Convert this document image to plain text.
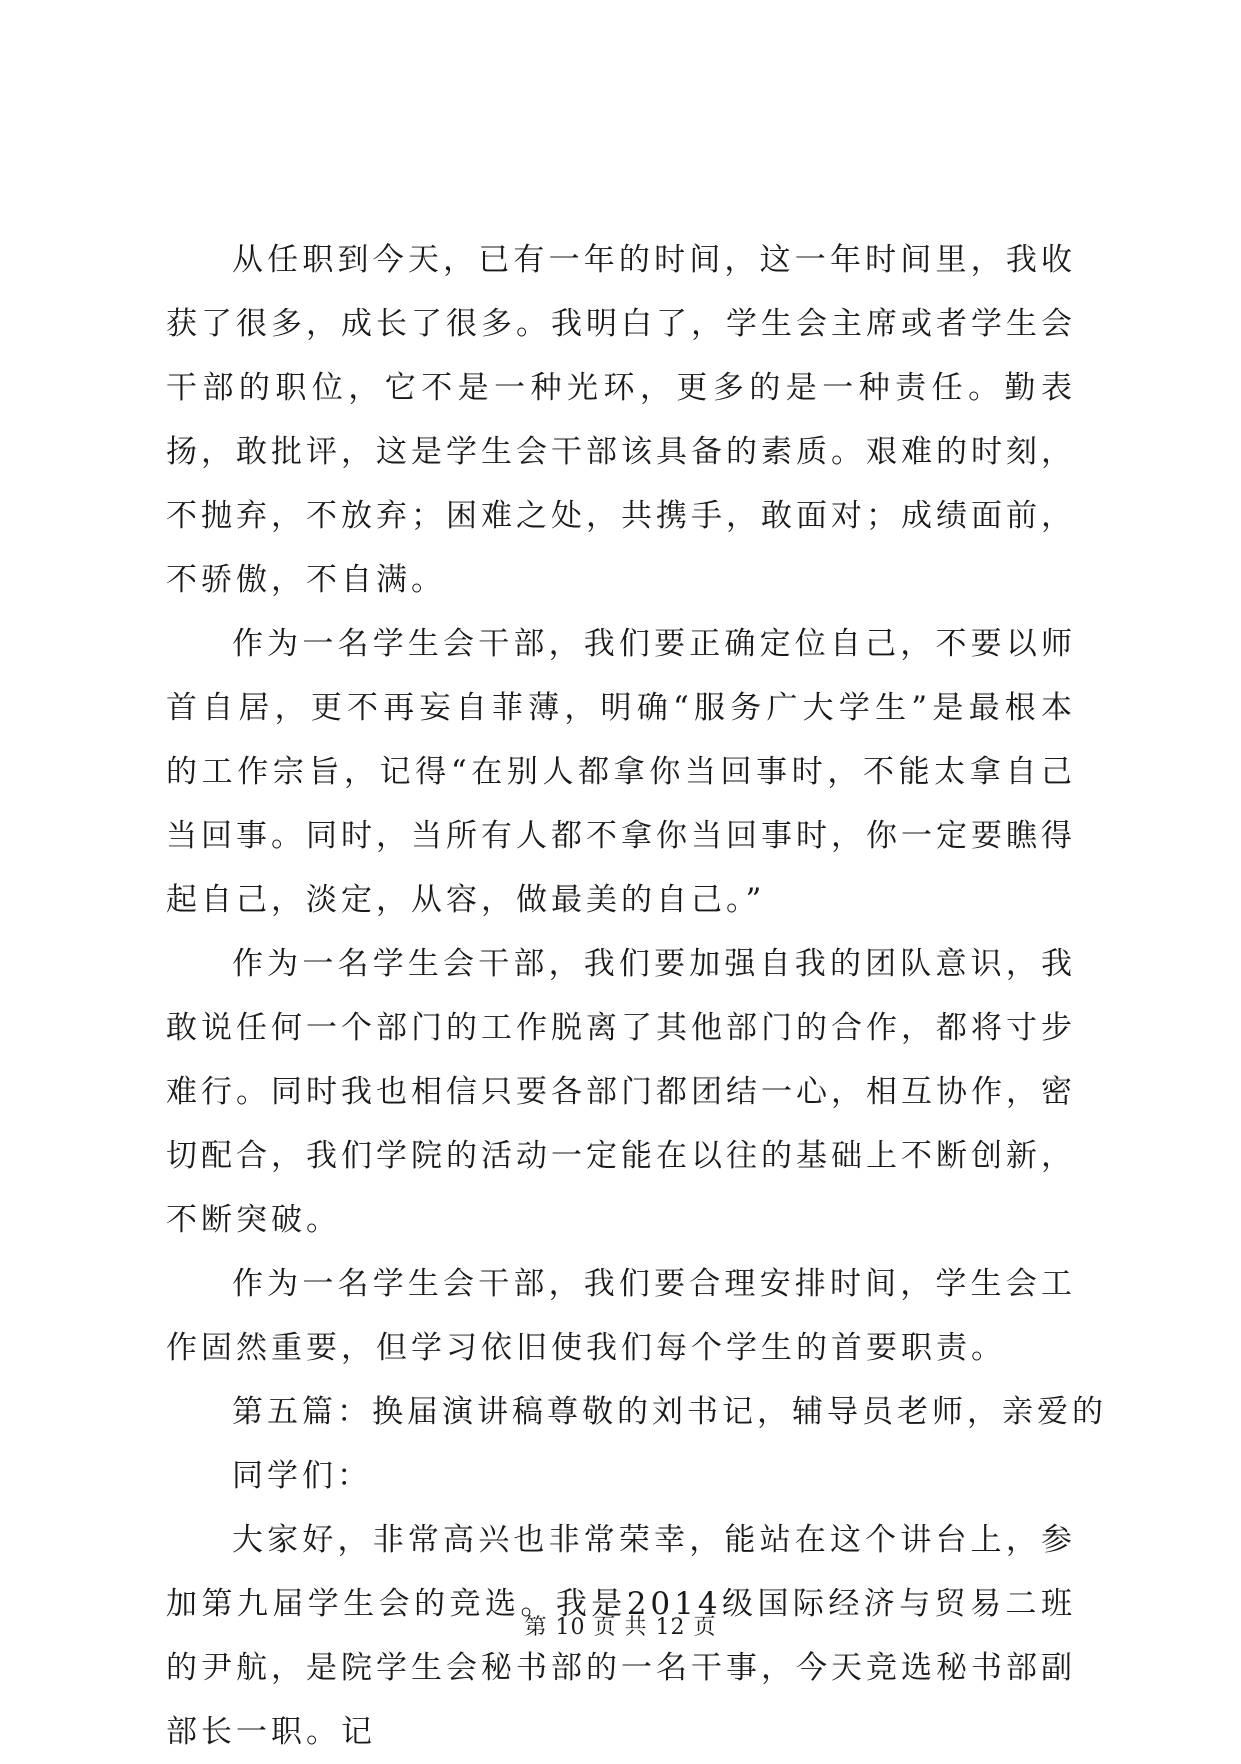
从任职到今天，已有一年的时间，这一年时间里，我收获了很多，成长了很多。我明白了，学生会主席或者学生会干部的职位，它不是一种光环，更多的是一种责任。勤表扬，敢批评，这是学生会干部该具备的素质。艰难的时刻，不抛弃，不放弃；困难之处，共携手，敢面对；成绩面前，不骄傲，不自满。

作为一名学生会干部，我们要正确定位自己，不要以师首自居，更不再妄自菲薄，明确“服务广大学生”是最根本的工作宗旨，记得“在别人都拿你当回事时，不能太拿自己当回事。同时，当所有人都不拿你当回事时，你一定要瞧得起自己，淡定，从容，做最美的自己。”

作为一名学生会干部，我们要加强自我的团队意识，我敢说任何一个部门的工作脱离了其他部门的合作，都将寸步难行。同时我也相信只要各部门都团结一心，相互协作，密切配合，我们学院的活动一定能在以往的基础上不断创新，不断突破。

作为一名学生会干部，我们要合理安排时间，学生会工作固然重要，但学习依旧使我们每个学生的首要职责。

第五篇：换届演讲稿尊敬的刘书记，辅导员老师，亲爱的

同学们：

大家好，非常高兴也非常荣幸，能站在这个讲台上，参加第九届学生会的竞选。我是2014级国际经济与贸易二班的尹航，是院学生会秘书部的一名干事，今天竞选秘书部副部长一职。记

第 10 页 共 12 页
